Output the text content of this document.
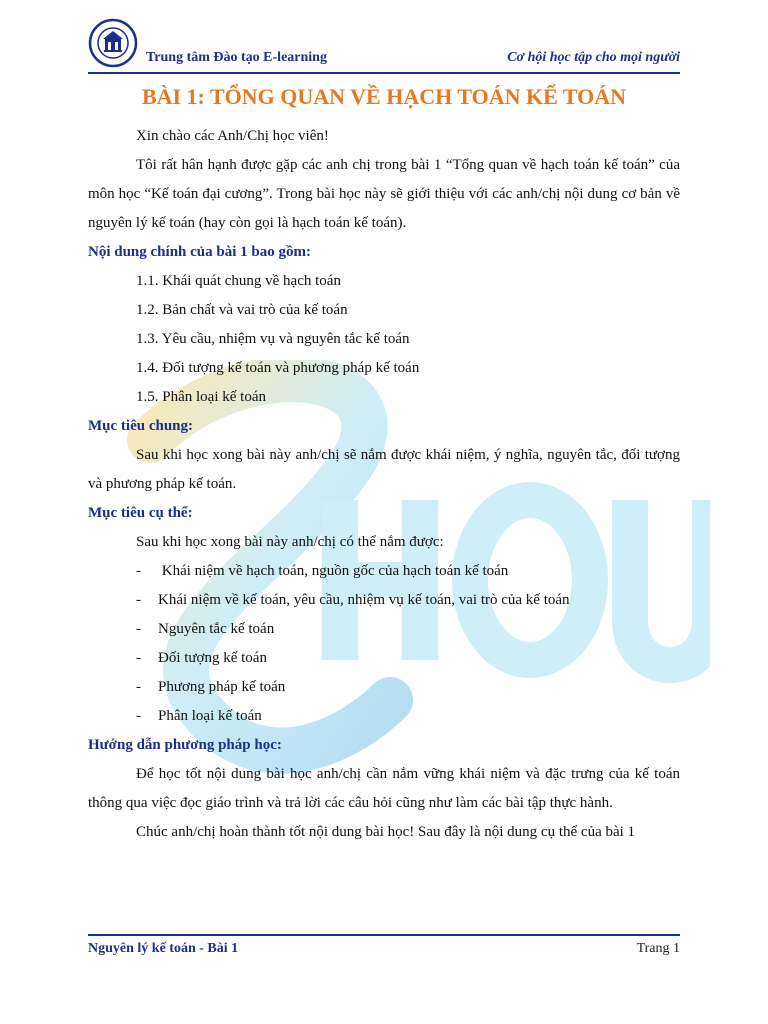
Trung tâm Đào tạo E-learning	Cơ hội học tập cho mọi người
BÀI 1: TỔNG QUAN VỀ HẠCH TOÁN KẾ TOÁN

Xin chào các Anh/Chị học viên!

Tôi rất hân hạnh được gặp các anh chị trong bài 1 “Tổng quan về hạch toán kế toán” của môn học “Kế toán đại cương”. Trong bài học này sẽ giới thiệu với các anh/chị nội dung cơ bản về nguyên lý kế toán (hay còn gọi là hạch toán kế toán).

Nội dung chính của bài 1 bao gồm:

1.1. Khái quát chung về hạch toán

1.2. Bản chất và vai trò của kế toán

1.3. Yêu cầu, nhiệm vụ và nguyên tắc kế toán

1.4. Đối tượng kế toán và phương pháp kế toán

1.5. Phân loại kế toán

Mục tiêu chung:

Sau khi học xong bài này anh/chị sẽ nắm được khái niệm, ý nghĩa, nguyên tắc, đối tượng và phương pháp kế toán.

Mục tiêu cụ thể:

Sau khi học xong bài này anh/chị có thể nắm được:

-	Khái niệm về hạch toán, nguồn gốc của hạch toán kế toán
-	Khái niệm về kế toán, yêu cầu, nhiệm vụ kế toán, vai trò của kế toán
-	Nguyên tắc kế toán
-	Đối tượng kế toán
-	Phương pháp kế toán
-	Phân loại kế toán

Hướng dẫn phương pháp học:

Để học tốt nội dung bài học anh/chị cần nắm vững khái niệm và đặc trưng của kế toán thông qua việc đọc giáo trình và trả lời các câu hỏi cũng như làm các bài tập thực hành.

Chúc anh/chị hoàn thành tốt nội dung bài học! Sau đây là nội dung cụ thể của bài 1

Nguyên lý kế toán - Bài 1	Trang 1
